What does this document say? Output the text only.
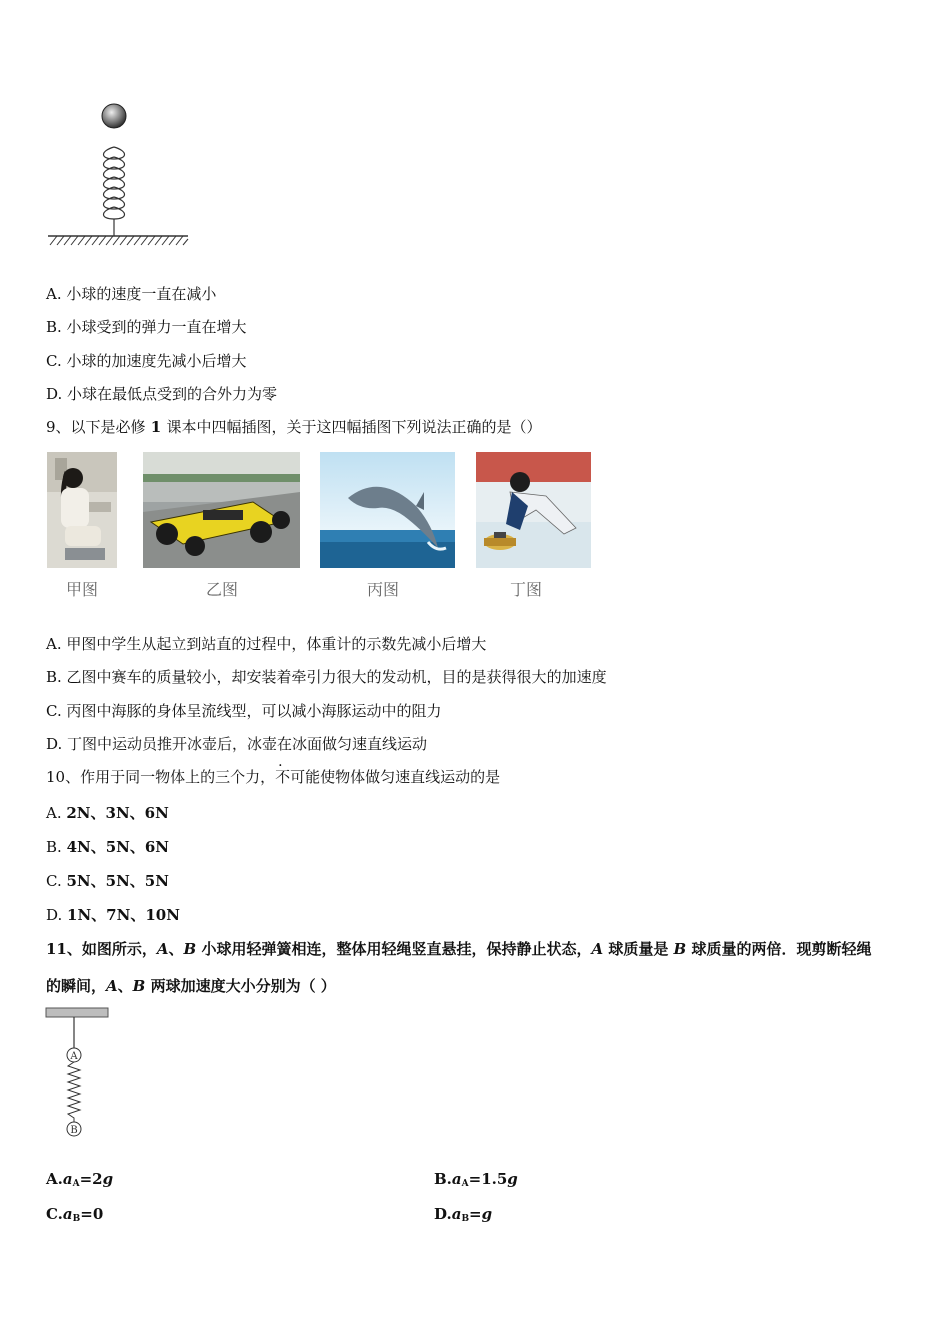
A. 小球的速度一直在减小
B. 小球受到的弹力一直在增大
C. 小球的加速度先减小后增大
D. 小球在最低点受到的合外力为零
9、以下是必修 1 课本中四幅插图，关于这四幅插图下列说法正确的是（）
甲图	乙图	丙图	丁图
A. 甲图中学生从起立到站直的过程中，体重计的示数先减小后增大
B. 乙图中赛车的质量较小，却安装着牵引力很大的发动机，目的是获得很大的加速度
C. 丙图中海豚的身体呈流线型，可以减小海豚运动中的阻力
D. 丁图中运动员推开冰壶后，冰壶在冰面做匀速直线运动
10、作用于同一物体上的三个力，不可能使物体做匀速直线运动的是
A. 2N、3N、6N
B. 4N、5N、6N
C. 5N、5N、5N
D. 1N、7N、10N
11、如图所示，A、B 小球用轻弹簧相连，整体用轻绳竖直悬挂，保持静止状态，A 球质量是 B 球质量的两倍．现剪断轻绳
的瞬间，A、B 两球加速度大小分别为（ ）
A
B
$A.a_A=2g$	$B.a_A=1.5g$
$C.a_B=0$	$D.a_B=g$
